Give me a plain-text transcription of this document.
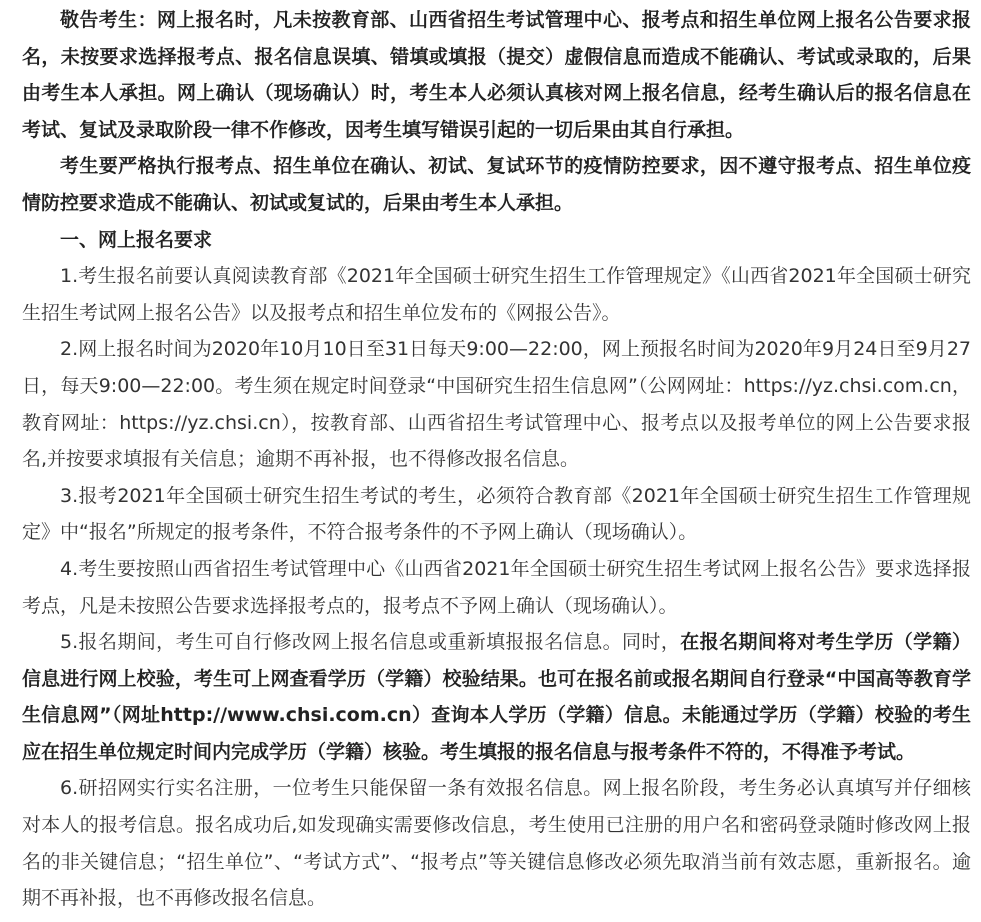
敬告考生：网上报名时，凡未按教育部、山西省招生考试管理中心、报考点和招生单位网上报名公告要求报名，未按要求选择报考点、报名信息误填、错填或填报（提交）虚假信息而造成不能确认、考试或录取的，后果由考生本人承担。网上确认（现场确认）时，考生本人必须认真核对网上报名信息，经考生确认后的报名信息在考试、复试及录取阶段一律不作修改，因考生填写错误引起的一切后果由其自行承担。

考生要严格执行报考点、招生单位在确认、初试、复试环节的疫情防控要求，因不遵守报考点、招生单位疫情防控要求造成不能确认、初试或复试的，后果由考生本人承担。

一、网上报名要求

1.考生报名前要认真阅读教育部《2021年全国硕士研究生招生工作管理规定》《山西省2021年全国硕士研究生招生考试网上报名公告》以及报考点和招生单位发布的《网报公告》。

2.网上报名时间为2020年10月10日至31日每天9:00—22:00，网上预报名时间为2020年9月24日至9月27日，每天9:00—22:00。考生须在规定时间登录“中国研究生招生信息网”（公网网址：https://yz.chsi.com.cn，教育网址：https://yz.chsi.cn），按教育部、山西省招生考试管理中心、报考点以及报考单位的网上公告要求报名,并按要求填报有关信息；逾期不再补报，也不得修改报名信息。

3.报考2021年全国硕士研究生招生考试的考生，必须符合教育部《2021年全国硕士研究生招生工作管理规定》中“报名”所规定的报考条件，不符合报考条件的不予网上确认（现场确认）。

4.考生要按照山西省招生考试管理中心《山西省2021年全国硕士研究生招生考试网上报名公告》要求选择报考点，凡是未按照公告要求选择报考点的，报考点不予网上确认（现场确认）。

5.报名期间，考生可自行修改网上报名信息或重新填报报名信息。同时，在报名期间将对考生学历（学籍）信息进行网上校验，考生可上网查看学历（学籍）校验结果。也可在报名前或报名期间自行登录“中国高等教育学生信息网”（网址http://www.chsi.com.cn）查询本人学历（学籍）信息。未能通过学历（学籍）校验的考生应在招生单位规定时间内完成学历（学籍）核验。考生填报的报名信息与报考条件不符的，不得准予考试。

6.研招网实行实名注册，一位考生只能保留一条有效报名信息。网上报名阶段，考生务必认真填写并仔细核对本人的报考信息。报名成功后,如发现确实需要修改信息，考生使用已注册的用户名和密码登录随时修改网上报名的非关键信息；“招生单位”、“考试方式”、“报考点”等关键信息修改必须先取消当前有效志愿，重新报名。逾期不再补报，也不再修改报名信息。
